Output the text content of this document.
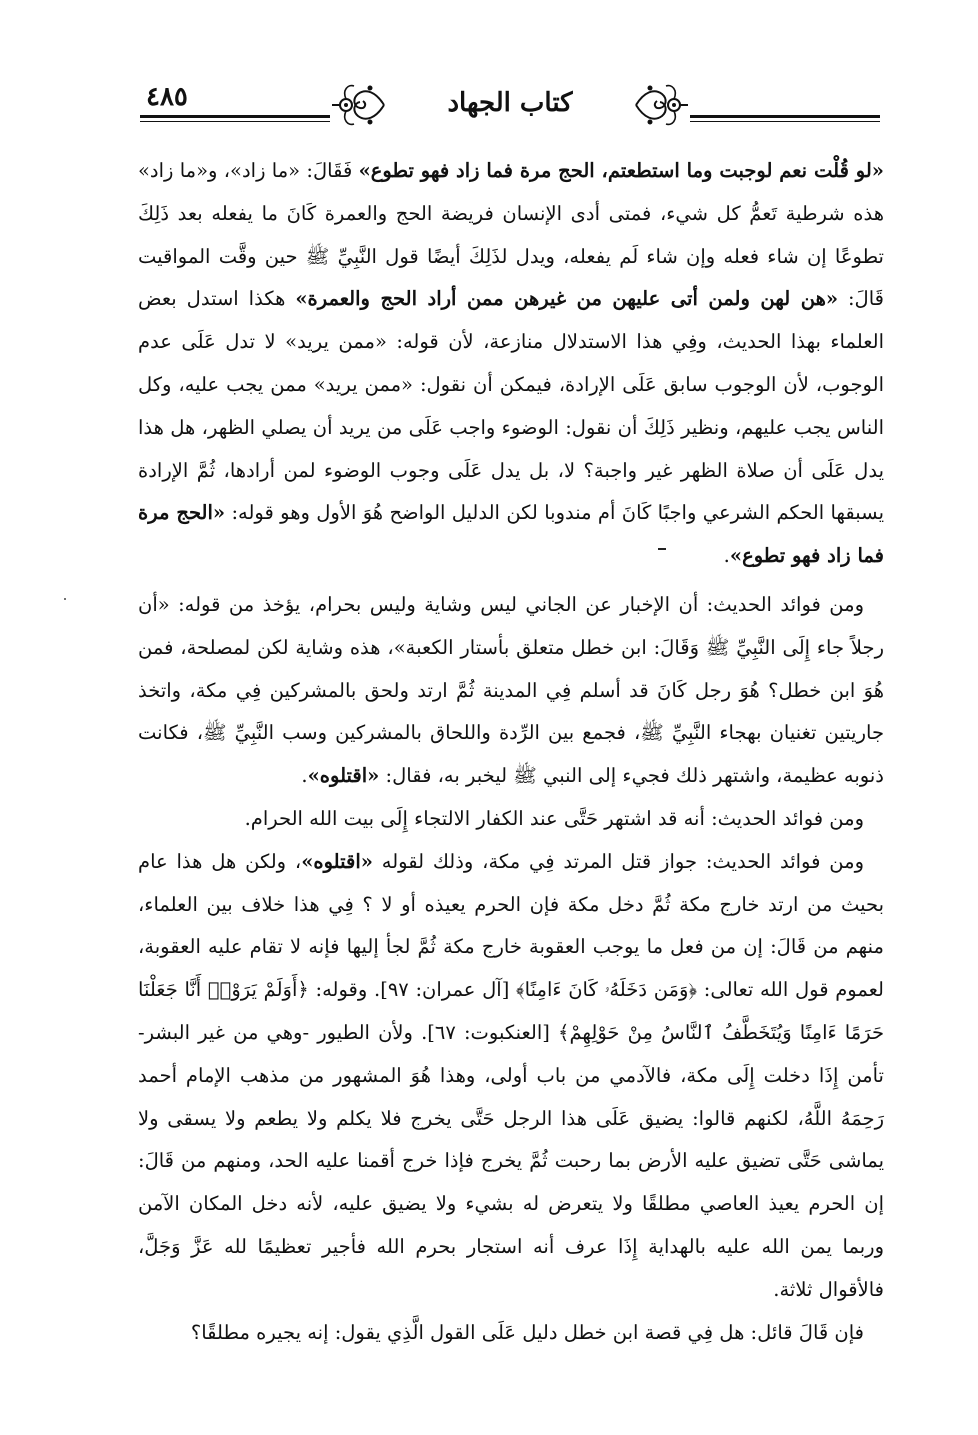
٤٨٥	كتاب الجهاد

«لو قُلْت نعم لوجبت وما استطعتم، الحج مرة فما زاد فهو تطوع» فَقَالَ: «ما زاد»، و«ما زاد» هذه شرطية تَعمُّ كل شيء، فمتى أدى الإنسان فريضة الحج والعمرة كَانَ ما يفعله بعد ذَلِكَ تطوعًا إن شاء فعله وإن شاء لَم يفعله، ويدل لذَلِكَ أيضًا قول النَّبِيِّ ﷺ حين وقَّت المواقيت قَالَ: «هن لهن ولمن أتى عليهن من غيرهن ممن أراد الحج والعمرة» هكذا استدل بعض العلماء بهذا الحديث، وفِي هذا الاستدلال منازعة، لأن قوله: «ممن يريد» لا تدل عَلَى عدم الوجوب، لأن الوجوب سابق عَلَى الإرادة، فيمكن أن نقول: «ممن يريد» ممن يجب عليه، وكل الناس يجب عليهم، ونظير ذَلِكَ أن نقول: الوضوء واجب عَلَى من يريد أن يصلي الظهر، هل هذا يدل عَلَى أن صلاة الظهر غير واجبة؟ لا، بل يدل عَلَى وجوب الوضوء لمن أرادها، ثُمَّ الإرادة يسبقها الحكم الشرعي واجبًا كَانَ أم مندوبا لكن الدليل الواضح هُوَ الأول وهو قوله: «الحج مرة فما زاد فهو تطوع».

ومن فوائد الحديث: أن الإخبار عن الجاني ليس وشاية وليس بحرام، يؤخذ من قوله: «أن رجلاً جاء إِلَى النَّبِيِّ ﷺ وَقَالَ: ابن خطل متعلق بأستار الكعبة»، هذه وشاية لكن لمصلحة، فمن هُوَ ابن خطل؟ هُوَ رجل كَانَ قد أسلم فِي المدينة ثُمَّ ارتد ولحق بالمشركين فِي مكة، واتخذ جاريتين تغنيان بهجاء النَّبِيِّ ﷺ، فجمع بين الرِّدة واللحاق بالمشركين وسب النَّبِيِّ ﷺ، فكانت ذنوبه عظيمة، واشتهر ذلك فجيء إلى النبي ﷺ ليخبر به، فقال: «اقتلوه».

ومن فوائد الحديث: أنه قد اشتهر حَتَّى عند الكفار الالتجاء إِلَى بيت الله الحرام.

ومن فوائد الحديث: جواز قتل المرتد فِي مكة، وذلك لقوله «اقتلوه»، ولكن هل هذا عام بحيث من ارتد خارج مكة ثُمَّ دخل مكة فإن الحرم يعيذه أو لا ؟ فِي هذا خلاف بين العلماء، منهم من قَالَ: إن من فعل ما يوجب العقوبة خارج مكة ثُمَّ لجأ إليها فإنه لا تقام عليه العقوبة، لعموم قول الله تعالى: ﴿وَمَن دَخَلَهُۥ كَانَ ءَامِنًا﴾ [آل عمران: ٩٧]. وقوله: ﴿أَوَلَمْ يَرَوْا۟ أَنَّا جَعَلْنَا حَرَمًا ءَامِنًا وَيُتَخَطَّفُ ٱلنَّاسُ مِنْ حَوْلِهِمْ﴾ [العنكبوت: ٦٧]. ولأن الطيور -وهي من غير البشر- تأمن إِذَا دخلت إِلَى مكة، فالآدمي من باب أولى، وهذا هُوَ المشهور من مذهب الإمام أحمد رَحِمَهُ اللَّهُ، لكنهم قالوا: يضيق عَلَى هذا الرجل حَتَّى يخرج فلا يكلم ولا يطعم ولا يسقى ولا يماشى حَتَّى تضيق عليه الأرض بما رحبت ثُمَّ يخرج فإذا خرج أقمنا عليه الحد، ومنهم من قَالَ: إن الحرم يعيذ العاصي مطلقًا ولا يتعرض له بشيء ولا يضيق عليه، لأنه دخل المكان الآمن وربما يمن الله عليه بالهداية إِذَا عرف أنه استجار بحرم الله فأجير تعظيمًا لله عَزَّ وَجَلَّ، فالأقوال ثلاثة.

فإن قَالَ قائل: هل فِي قصة ابن خطل دليل عَلَى القول الَّذِي يقول: إنه يجيره مطلقًا؟
